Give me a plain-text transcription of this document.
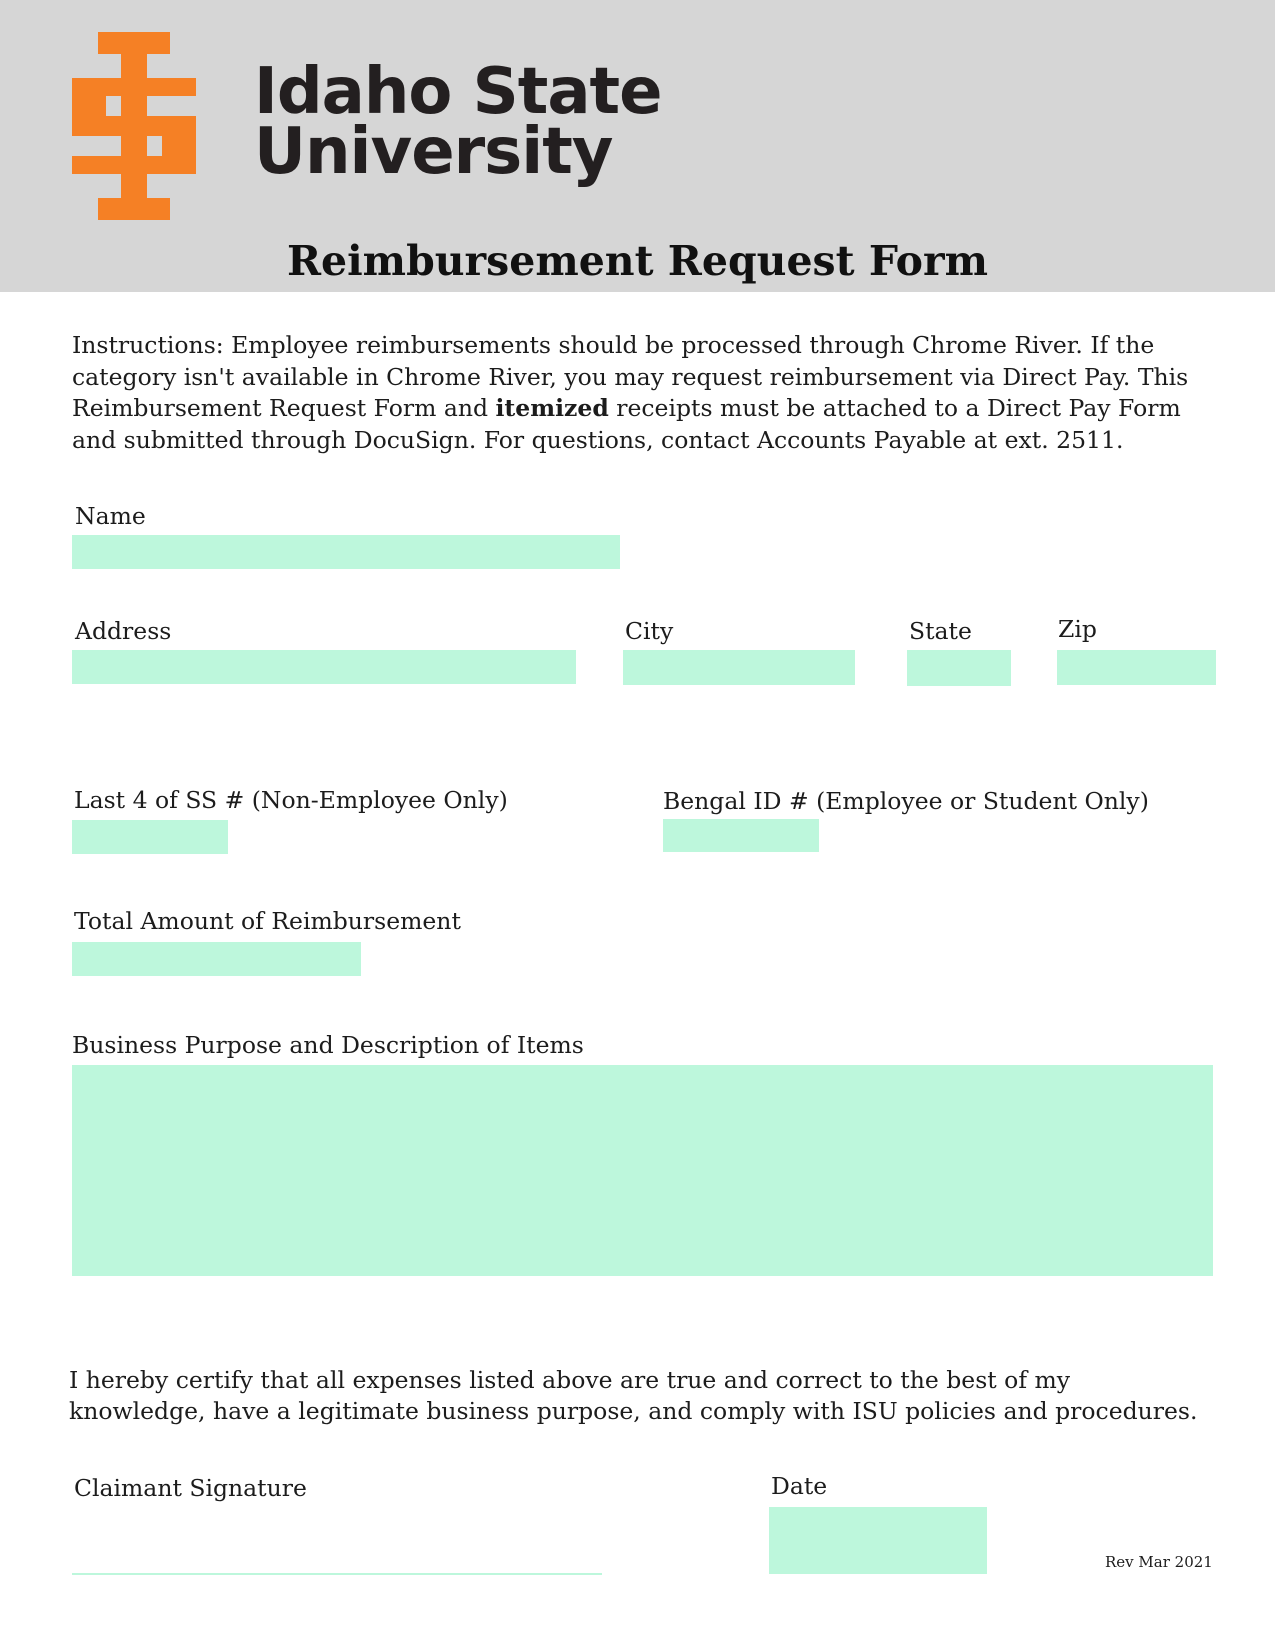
Idaho State
University
Reimbursement Request Form
Instructions: Employee reimbursements should be processed through Chrome River. If the
category isn't available in Chrome River, you may request reimbursement via Direct Pay. This
Reimbursement Request Form and itemized receipts must be attached to a Direct Pay Form
and submitted through DocuSign. For questions, contact Accounts Payable at ext. 2511.
Name
Address	City	State	Zip
Last 4 of SS # (Non-Employee Only)	Bengal ID # (Employee or Student Only)
Total Amount of Reimbursement
Business Purpose and Description of Items
I hereby certify that all expenses listed above are true and correct to the best of my
knowledge, have a legitimate business purpose, and comply with ISU policies and procedures.
Claimant Signature	Date
Rev Mar 2021
